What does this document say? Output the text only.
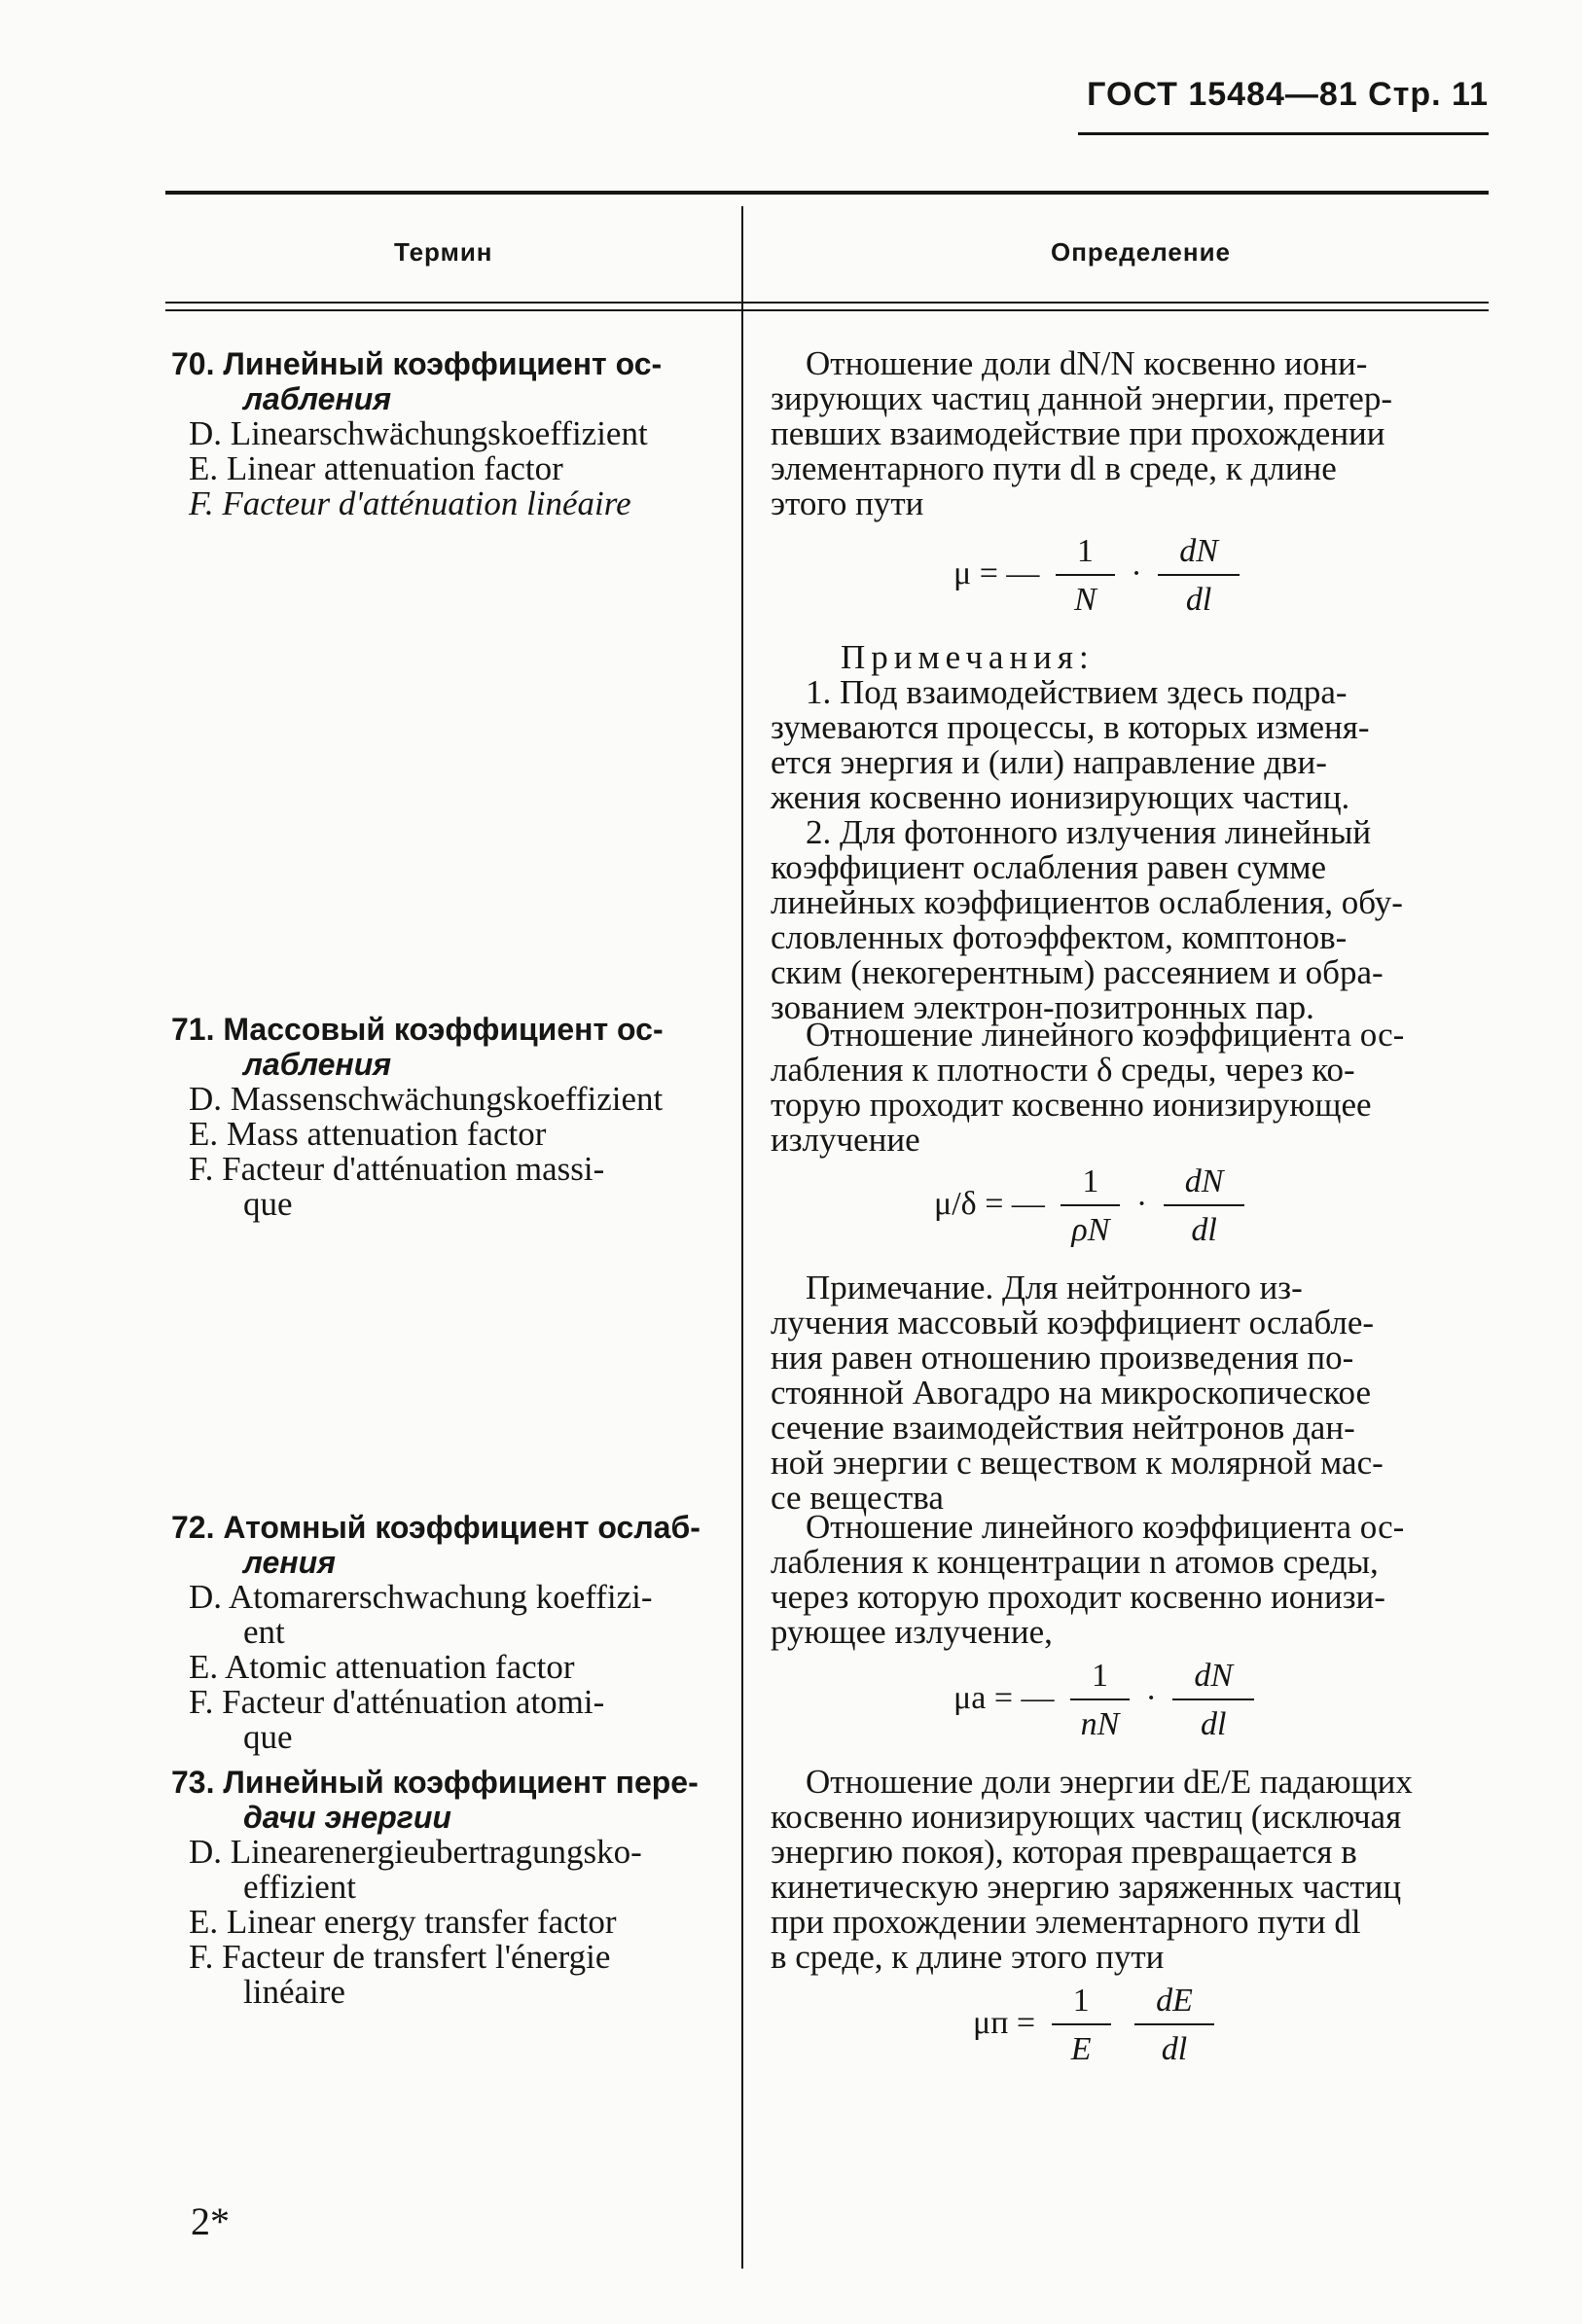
ГОСТ 15484—81 Стр. 11
Термин	Определение
70. Линейный коэффициент ос-
лабления
D. Linearschwächungskoeffizient
E. Linear attenuation factor
F. Facteur d'atténuation linéaire
71. Массовый коэффициент ос-
лабления
D. Massenschwächungskoeffizient
E. Mass attenuation factor
F. Facteur d'atténuation massi-
que
72. Атомный коэффициент ослаб-
ления
D. Atomarerschwachung koeffizi-
ent
E. Atomic attenuation factor
F. Facteur d'atténuation atomi-
que
73. Линейный коэффициент пере-
дачи энергии
D. Linearenergieubertragungsko-
effizient
E. Linear energy transfer factor
F. Facteur de transfert l'énergie
linéaire

Отношение доли dN/N косвенно иони-

зирующих частиц данной энергии, претер-

певших взаимодействие при прохождении

элементарного пути dl в среде, к длине

этого пути

μ = — $\frac{1}{N} \cdot \frac{dN}{dl}$

Примечания:

1. Под взаимодействием здесь подра-

зумеваются процессы, в которых изменя-

ется энергия и (или) направление дви-

жения косвенно ионизирующих частиц.

2. Для фотонного излучения линейный

коэффициент ослабления равен сумме

линейных коэффициентов ослабления, обу-

словленных фотоэффектом, комптонов-

ским (некогерентным) рассеянием и обра-

зованием электрон-позитронных пар.

Отношение линейного коэффициента ос-

лабления к плотности δ среды, через ко-

торую проходит косвенно ионизирующее

излучение

μ/δ = — $\frac{1}{\rho N} \cdot \frac{dN}{dl}$

Примечание. Для нейтронного из-

лучения массовый коэффициент ослабле-

ния равен отношению произведения по-

стоянной Авогадро на микроскопическое

сечение взаимодействия нейтронов дан-

ной энергии с веществом к молярной мас-

се вещества

Отношение линейного коэффициента ос-

лабления к концентрации n атомов среды,

через которую проходит косвенно ионизи-

рующее излучение,

μa = — $\frac{1}{nN} \cdot \frac{dN}{dl}$

Отношение доли энергии dE/E падающих

косвенно ионизирующих частиц (исключая

энергию покоя), которая превращается в

кинетическую энергию заряженных частиц

при прохождении элементарного пути dl

в среде, к длине этого пути

$\mu п = \frac{1}{E}$
$\frac{dE}{dl}$
2*
